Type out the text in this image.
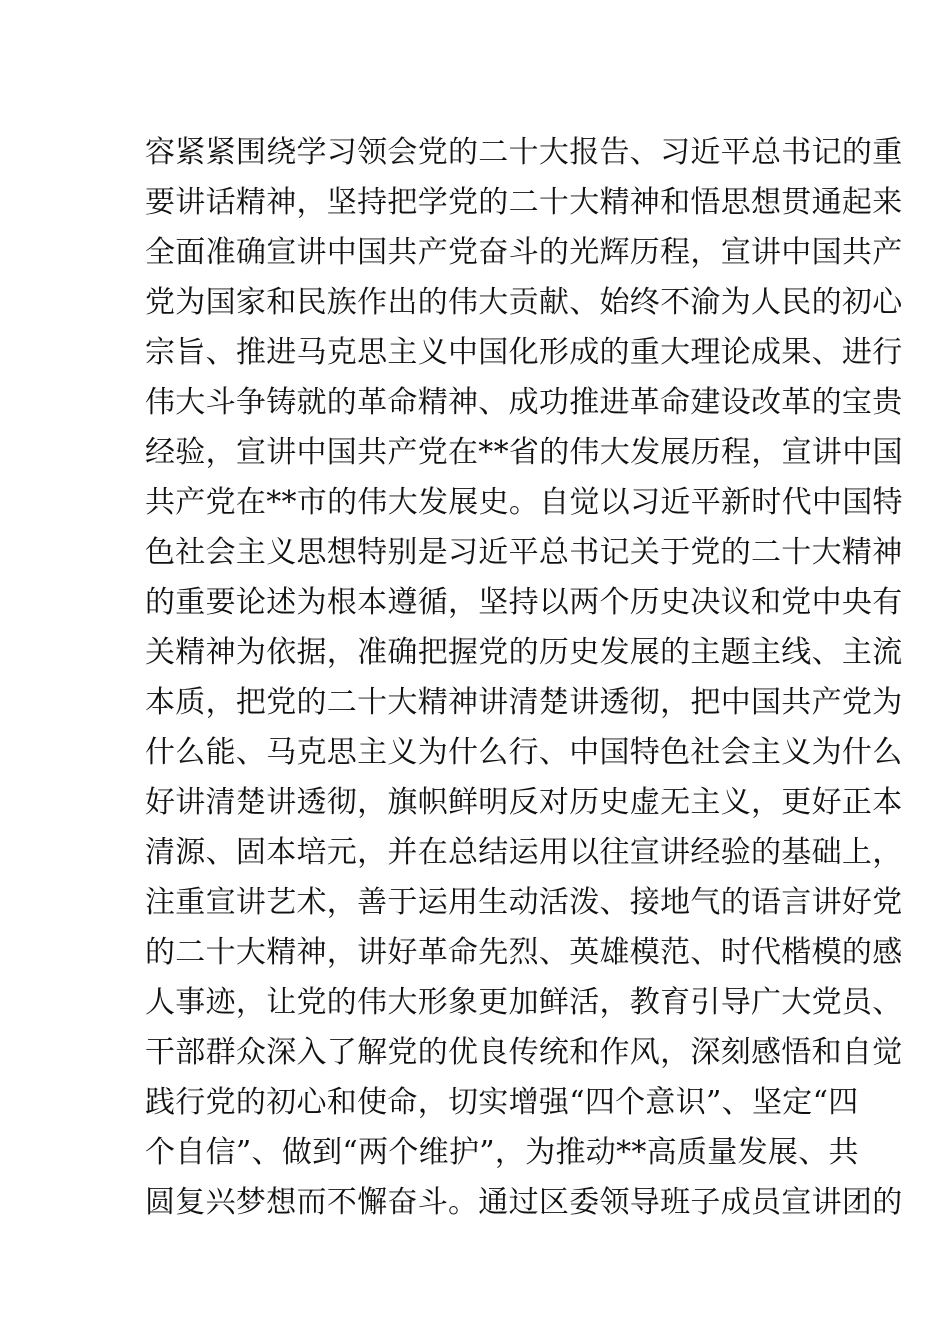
容紧紧围绕学习领会党的二十大报告、习近平总书记的重
要讲话精神，坚持把学党的二十大精神和悟思想贯通起来
全面准确宣讲中国共产党奋斗的光辉历程，宣讲中国共产
党为国家和民族作出的伟大贡献、始终不渝为人民的初心
宗旨、推进马克思主义中国化形成的重大理论成果、进行
伟大斗争铸就的革命精神、成功推进革命建设改革的宝贵
经验，宣讲中国共产党在**省的伟大发展历程，宣讲中国
共产党在**市的伟大发展史。自觉以习近平新时代中国特
色社会主义思想特别是习近平总书记关于党的二十大精神
的重要论述为根本遵循，坚持以两个历史决议和党中央有
关精神为依据，准确把握党的历史发展的主题主线、主流
本质，把党的二十大精神讲清楚讲透彻，把中国共产党为
什么能、马克思主义为什么行、中国特色社会主义为什么
好讲清楚讲透彻，旗帜鲜明反对历史虚无主义，更好正本
清源、固本培元，并在总结运用以往宣讲经验的基础上，
注重宣讲艺术，善于运用生动活泼、接地气的语言讲好党
的二十大精神，讲好革命先烈、英雄模范、时代楷模的感
人事迹，让党的伟大形象更加鲜活，教育引导广大党员、
干部群众深入了解党的优良传统和作风，深刻感悟和自觉
践行党的初心和使命，切实增强“四个意识”、坚定“四
个自信”、做到“两个维护”，为推动**高质量发展、共
圆复兴梦想而不懈奋斗。通过区委领导班子成员宣讲团的
